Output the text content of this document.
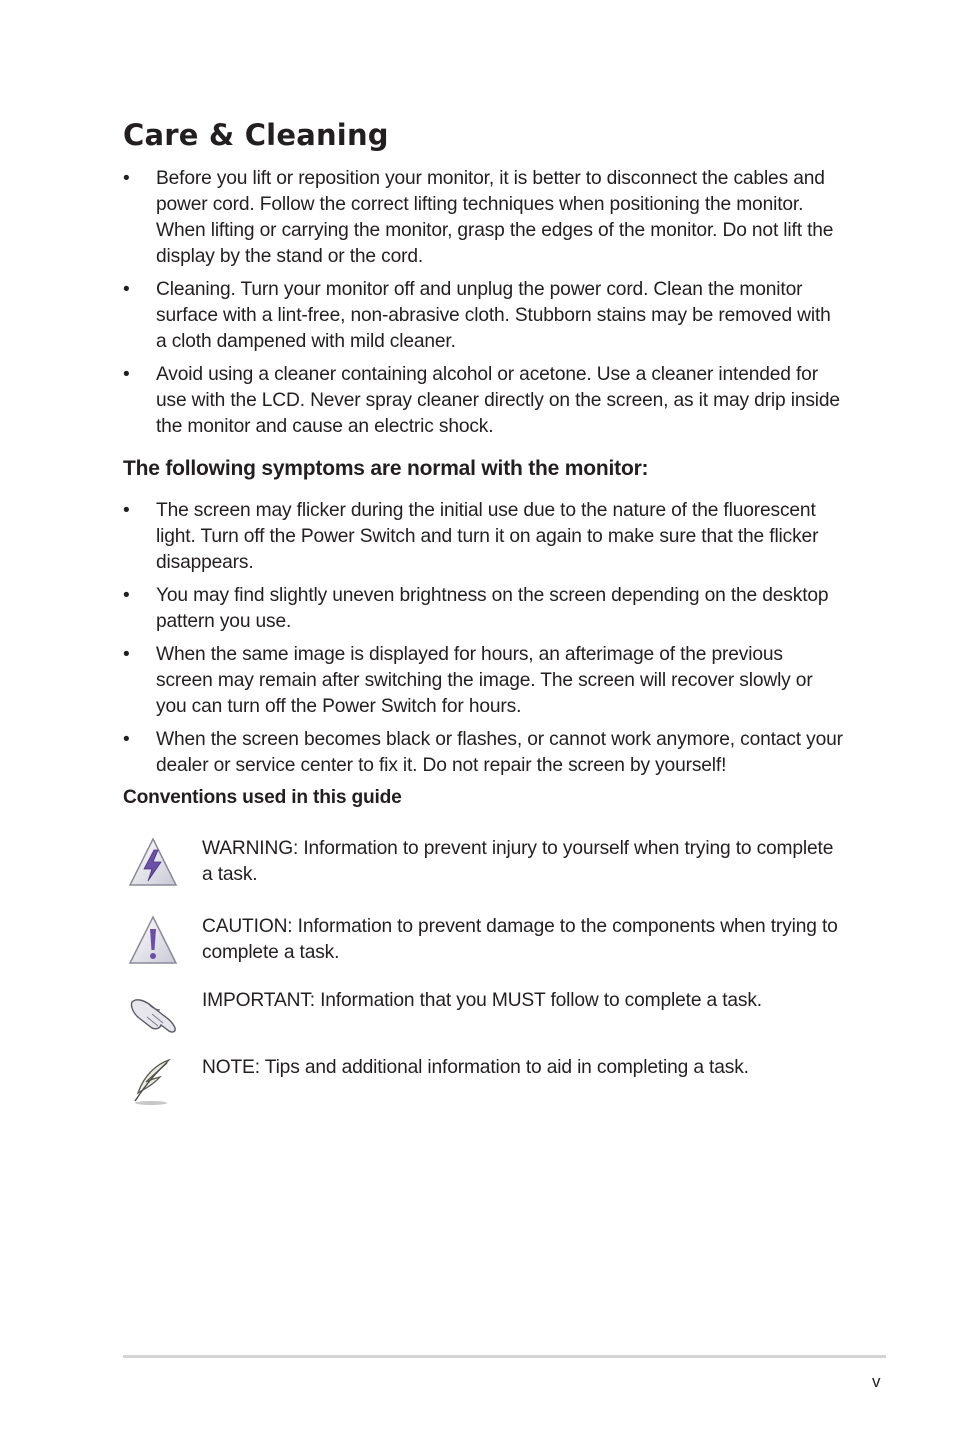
Care & Cleaning
• Before you lift or reposition your monitor, it is better to disconnect the cables and power cord. Follow the correct lifting techniques when positioning the monitor. When lifting or carrying the monitor, grasp the edges of the monitor. Do not lift the display by the stand or the cord.
• Cleaning. Turn your monitor off and unplug the power cord. Clean the monitor surface with a lint-free, non-abrasive cloth. Stubborn stains may be removed with a cloth dampened with mild cleaner.
• Avoid using a cleaner containing alcohol or acetone. Use a cleaner intended for use with the LCD. Never spray cleaner directly on the screen, as it may drip inside the monitor and cause an electric shock.
The following symptoms are normal with the monitor:
• The screen may flicker during the initial use due to the nature of the fluorescent light. Turn off the Power Switch and turn it on again to make sure that the flicker disappears.
• You may find slightly uneven brightness on the screen depending on the desktop pattern you use.
• When the same image is displayed for hours, an afterimage of the previous screen may remain after switching the image. The screen will recover slowly or you can turn off the Power Switch for hours.
• When the screen becomes black or flashes, or cannot work anymore, contact your dealer or service center to fix it. Do not repair the screen by yourself!
Conventions used in this guide
WARNING: Information to prevent injury to yourself when trying to complete a task.
CAUTION: Information to prevent damage to the components when trying to complete a task.
IMPORTANT: Information that you MUST follow to complete a task.
NOTE: Tips and additional information to aid in completing a task.
v
